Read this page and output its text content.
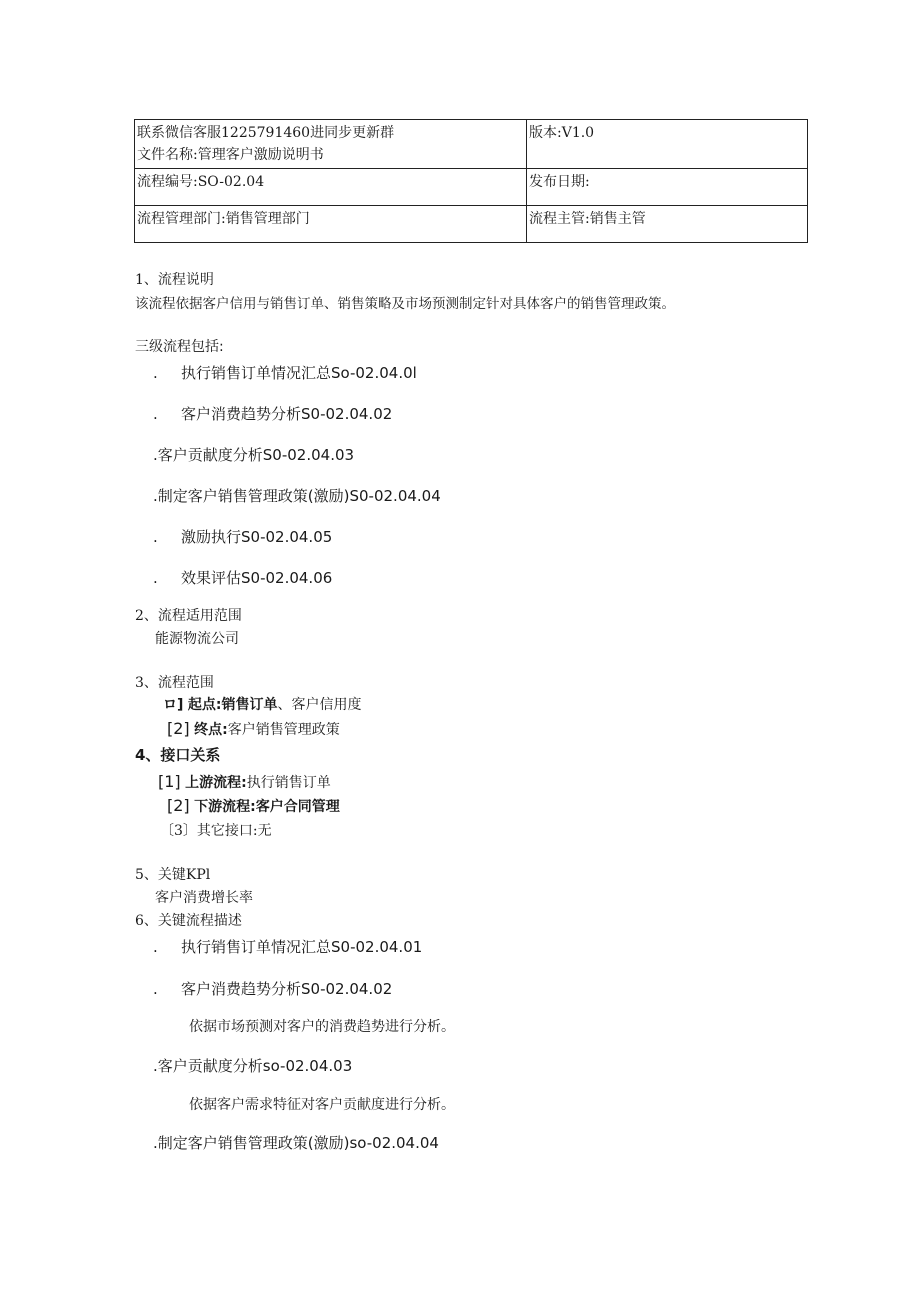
联系微信客服1225791460进同步更新群
文件名称:管理客户激励说明书	版本:V1.0

流程编号:SO-02.04	发布日期:
流程管理部门:销售管理部门	流程主管:销售主管
1、流程说明
该流程依据客户信用与销售订单、销售策略及市场预测制定针对具体客户的销售管理政策。
三级流程包括:
. 执行销售订单情况汇总So-02.04.0l
. 客户消费趋势分析S0-02.04.02
.客户贡献度分析S0-02.04.03
.制定客户销售管理政策(激励)S0-02.04.04
. 激励执行S0-02.04.05
. 效果评估S0-02.04.06
2、流程适用范围
能源物流公司
3、流程范围
ロ] 起点:销售订单、客户信用度
[2] 终点:客户销售管理政策
4、接口关系
[1] 上游流程:执行销售订单
[2] 下游流程:客户合同管理
〔3〕其它接口:无
5、关键KPl
客户消费增长率
6、关键流程描述
. 执行销售订单情况汇总S0-02.04.01
. 客户消费趋势分析S0-02.04.02
依据市场预测对客户的消费趋势进行分析。
.客户贡献度分析so-02.04.03
依据客户需求特征对客户贡献度进行分析。
.制定客户销售管理政策(激励)so-02.04.04
